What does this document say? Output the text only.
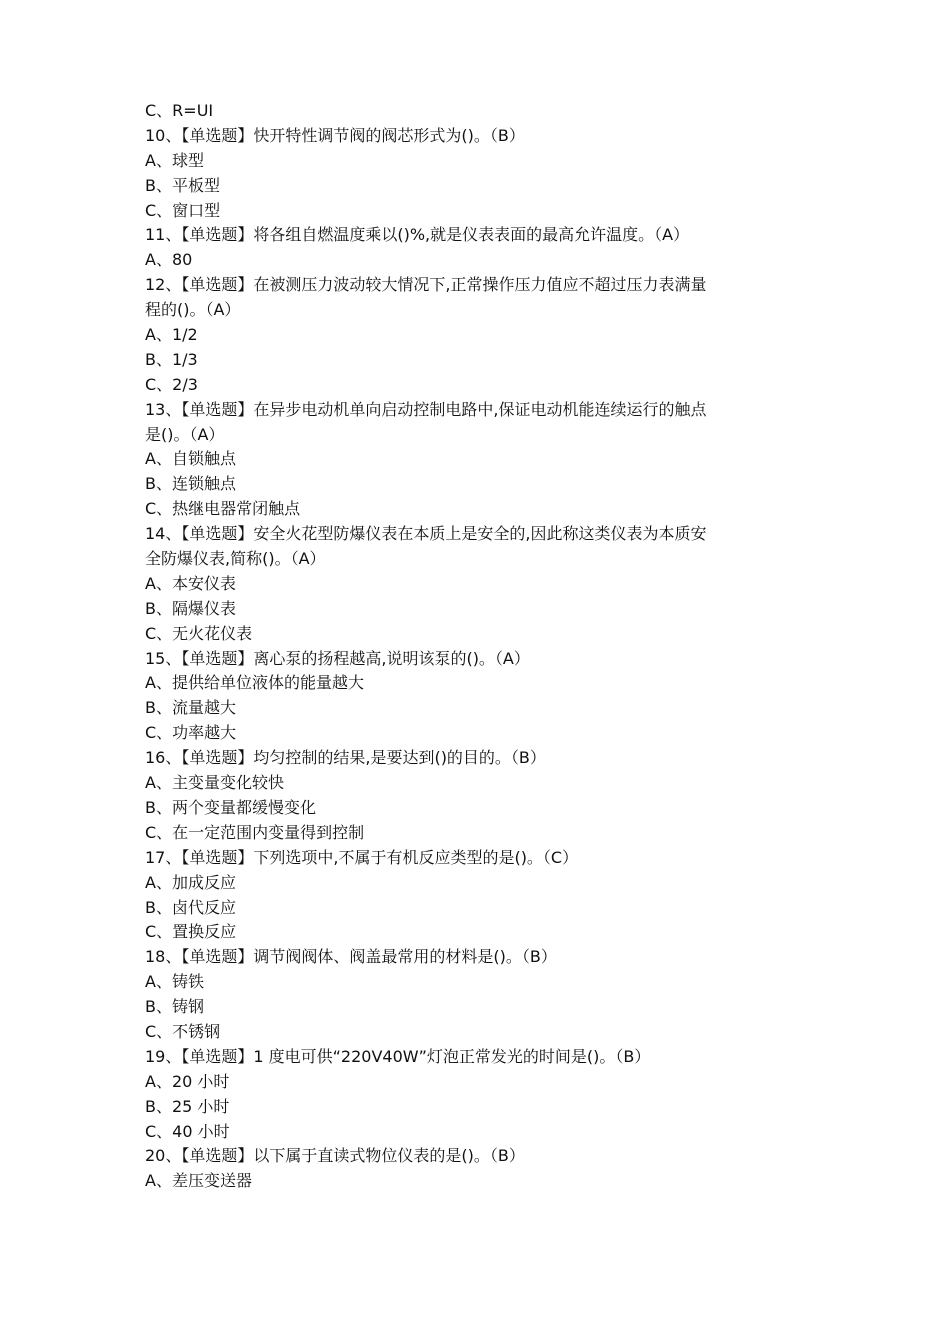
C、R=UI
10、【单选题】快开特性调节阀的阀芯形式为()。（B）
A、球型
B、平板型
C、窗口型
11、【单选题】将各组自燃温度乘以()%,就是仪表表面的最高允许温度。（A）
A、80
12、【单选题】在被测压力波动较大情况下,正常操作压力值应不超过压力表满量
程的()。（A）
A、1/2
B、1/3
C、2/3
13、【单选题】在异步电动机单向启动控制电路中,保证电动机能连续运行的触点
是()。（A）
A、自锁触点
B、连锁触点
C、热继电器常闭触点
14、【单选题】安全火花型防爆仪表在本质上是安全的,因此称这类仪表为本质安
全防爆仪表,简称()。（A）
A、本安仪表
B、隔爆仪表
C、无火花仪表
15、【单选题】离心泵的扬程越高,说明该泵的()。（A）
A、提供给单位液体的能量越大
B、流量越大
C、功率越大
16、【单选题】均匀控制的结果,是要达到()的目的。（B）
A、主变量变化较快
B、两个变量都缓慢变化
C、在一定范围内变量得到控制
17、【单选题】下列选项中,不属于有机反应类型的是()。（C）
A、加成反应
B、卤代反应
C、置换反应
18、【单选题】调节阀阀体、阀盖最常用的材料是()。（B）
A、铸铁
B、铸钢
C、不锈钢
19、【单选题】1 度电可供“220V40W”灯泡正常发光的时间是()。（B）
A、20 小时
B、25 小时
C、40 小时
20、【单选题】以下属于直读式物位仪表的是()。（B）
A、差压变送器
